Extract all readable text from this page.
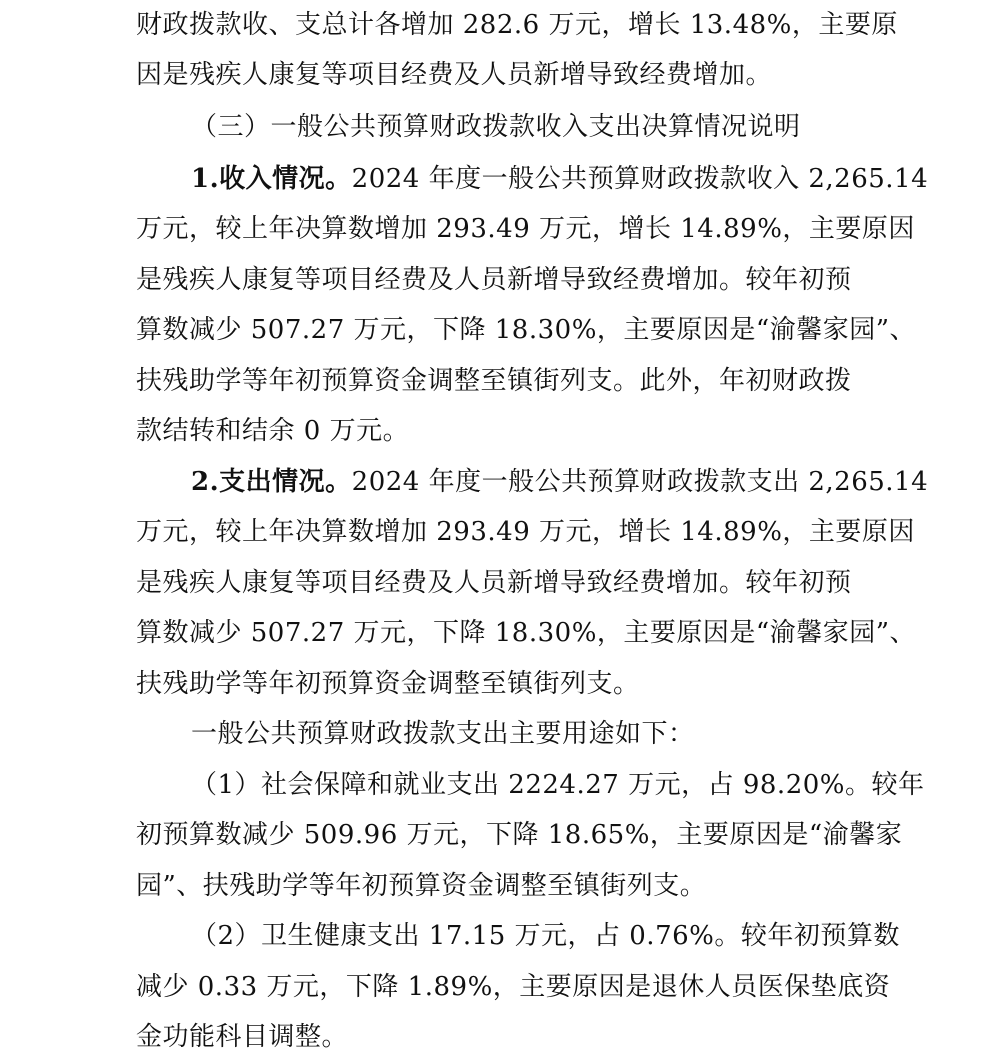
财政拨款收、支总计各增加 282.6 万元，增长 13.48%，主要原
因是残疾人康复等项目经费及人员新增导致经费增加。
（三）一般公共预算财政拨款收入支出决算情况说明
1.收入情况。2024 年度一般公共预算财政拨款收入 2,265.14
万元，较上年决算数增加 293.49 万元，增长 14.89%，主要原因
是残疾人康复等项目经费及人员新增导致经费增加。较年初预
算数减少 507.27 万元，下降 18.30%，主要原因是“渝馨家园”、
扶残助学等年初预算资金调整至镇街列支。此外，年初财政拨
款结转和结余 0 万元。
2.支出情况。2024 年度一般公共预算财政拨款支出 2,265.14
万元，较上年决算数增加 293.49 万元，增长 14.89%，主要原因
是残疾人康复等项目经费及人员新增导致经费增加。较年初预
算数减少 507.27 万元，下降 18.30%，主要原因是“渝馨家园”、
扶残助学等年初预算资金调整至镇街列支。
一般公共预算财政拨款支出主要用途如下：
（1）社会保障和就业支出 2224.27 万元，占 98.20%。较年
初预算数减少 509.96 万元，下降 18.65%，主要原因是“渝馨家
园”、扶残助学等年初预算资金调整至镇街列支。
（2）卫生健康支出 17.15 万元，占 0.76%。较年初预算数
减少 0.33 万元，下降 1.89%，主要原因是退休人员医保垫底资
金功能科目调整。
